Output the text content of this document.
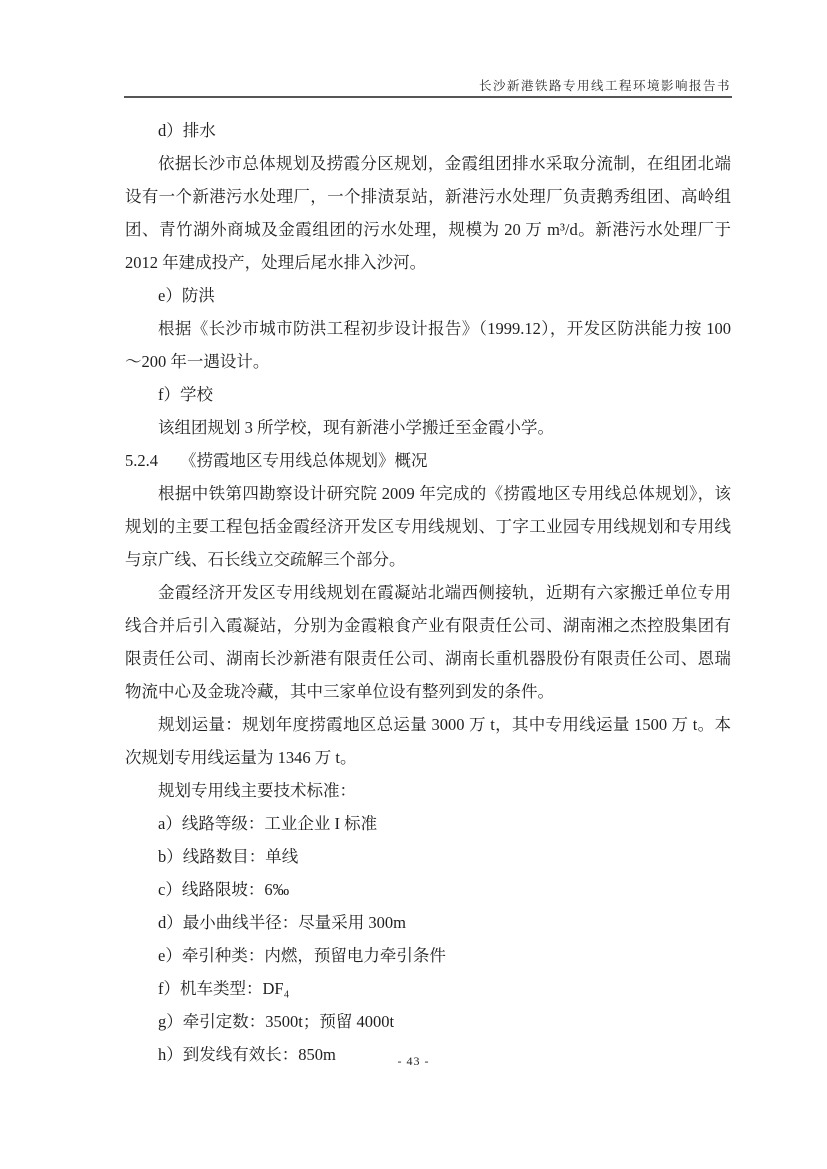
长沙新港铁路专用线工程环境影响报告书

d）排水

依据长沙市总体规划及捞霞分区规划，金霞组团排水采取分流制，在组团北端设有一个新港污水处理厂，一个排渍泵站，新港污水处理厂负责鹅秀组团、高岭组团、青竹湖外商城及金霞组团的污水处理，规模为 20 万 m³/d。新港污水处理厂于 2012 年建成投产，处理后尾水排入沙河。

e）防洪

根据《长沙市城市防洪工程初步设计报告》（1999.12），开发区防洪能力按 100～200 年一遇设计。

f）学校

该组团规划 3 所学校，现有新港小学搬迁至金霞小学。

5.2.4 《捞霞地区专用线总体规划》概况

根据中铁第四勘察设计研究院 2009 年完成的《捞霞地区专用线总体规划》，该规划的主要工程包括金霞经济开发区专用线规划、丁字工业园专用线规划和专用线与京广线、石长线立交疏解三个部分。

金霞经济开发区专用线规划在霞凝站北端西侧接轨，近期有六家搬迁单位专用线合并后引入霞凝站，分别为金霞粮食产业有限责任公司、湖南湘之杰控股集团有限责任公司、湖南长沙新港有限责任公司、湖南长重机器股份有限责任公司、恩瑞物流中心及金珑冷藏，其中三家单位设有整列到发的条件。

规划运量：规划年度捞霞地区总运量 3000 万 t，其中专用线运量 1500 万 t。本次规划专用线运量为 1346 万 t。

规划专用线主要技术标准：

a）线路等级：工业企业 I 标准

b）线路数目：单线

c）线路限坡：6‰

d）最小曲线半径：尽量采用 300m

e）牵引种类：内燃，预留电力牵引条件

f）机车类型：DF₄

g）牵引定数：3500t；预留 4000t

h）到发线有效长：850m	- 43 -
